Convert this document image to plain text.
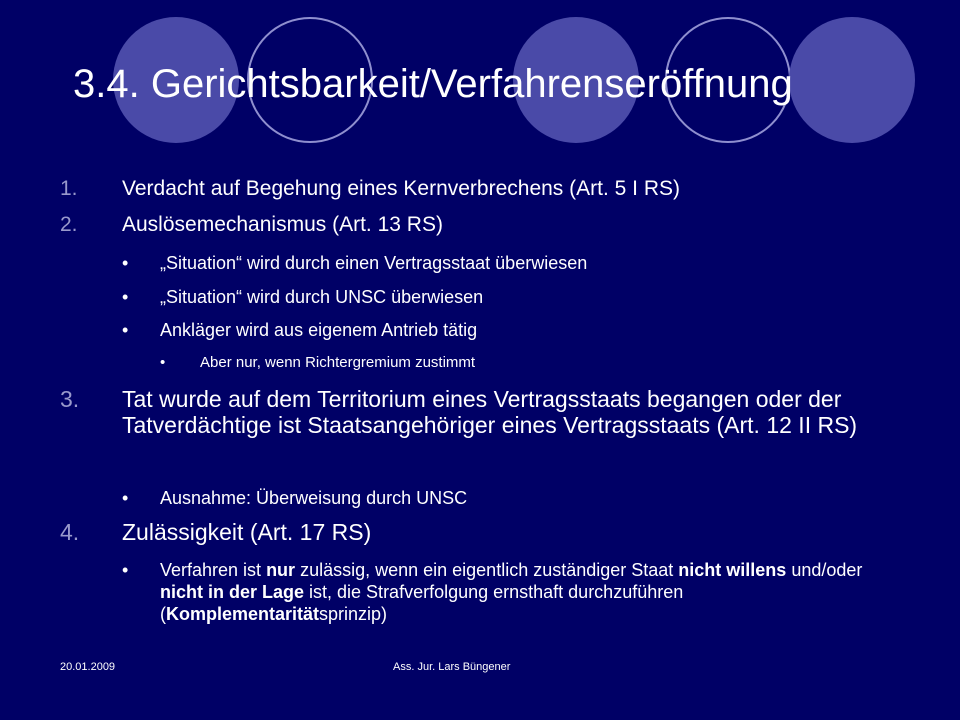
3.4. Gerichtsbarkeit/Verfahrenseröffnung
1. Verdacht auf Begehung eines Kernverbrechens (Art. 5 I RS)
2. Auslösemechanismus (Art. 13 RS)
• „Situation“ wird durch einen Vertragsstaat überwiesen
• „Situation“ wird durch UNSC überwiesen
• Ankläger wird aus eigenem Antrieb tätig
• Aber nur, wenn Richtergremium zustimmt
3. Tat wurde auf dem Territorium eines Vertragsstaats begangen oder der Tatverdächtige ist Staatsangehöriger eines Vertragsstaats (Art. 12 II RS)
• Ausnahme: Überweisung durch UNSC
4. Zulässigkeit (Art. 17 RS)
• Verfahren ist nur zulässig, wenn ein eigentlich zuständiger Staat nicht willens und/oder nicht in der Lage ist, die Strafverfolgung ernsthaft durchzuführen (Komplementaritätsprinzip)
20.01.2009	Ass. Jur. Lars Büngener
